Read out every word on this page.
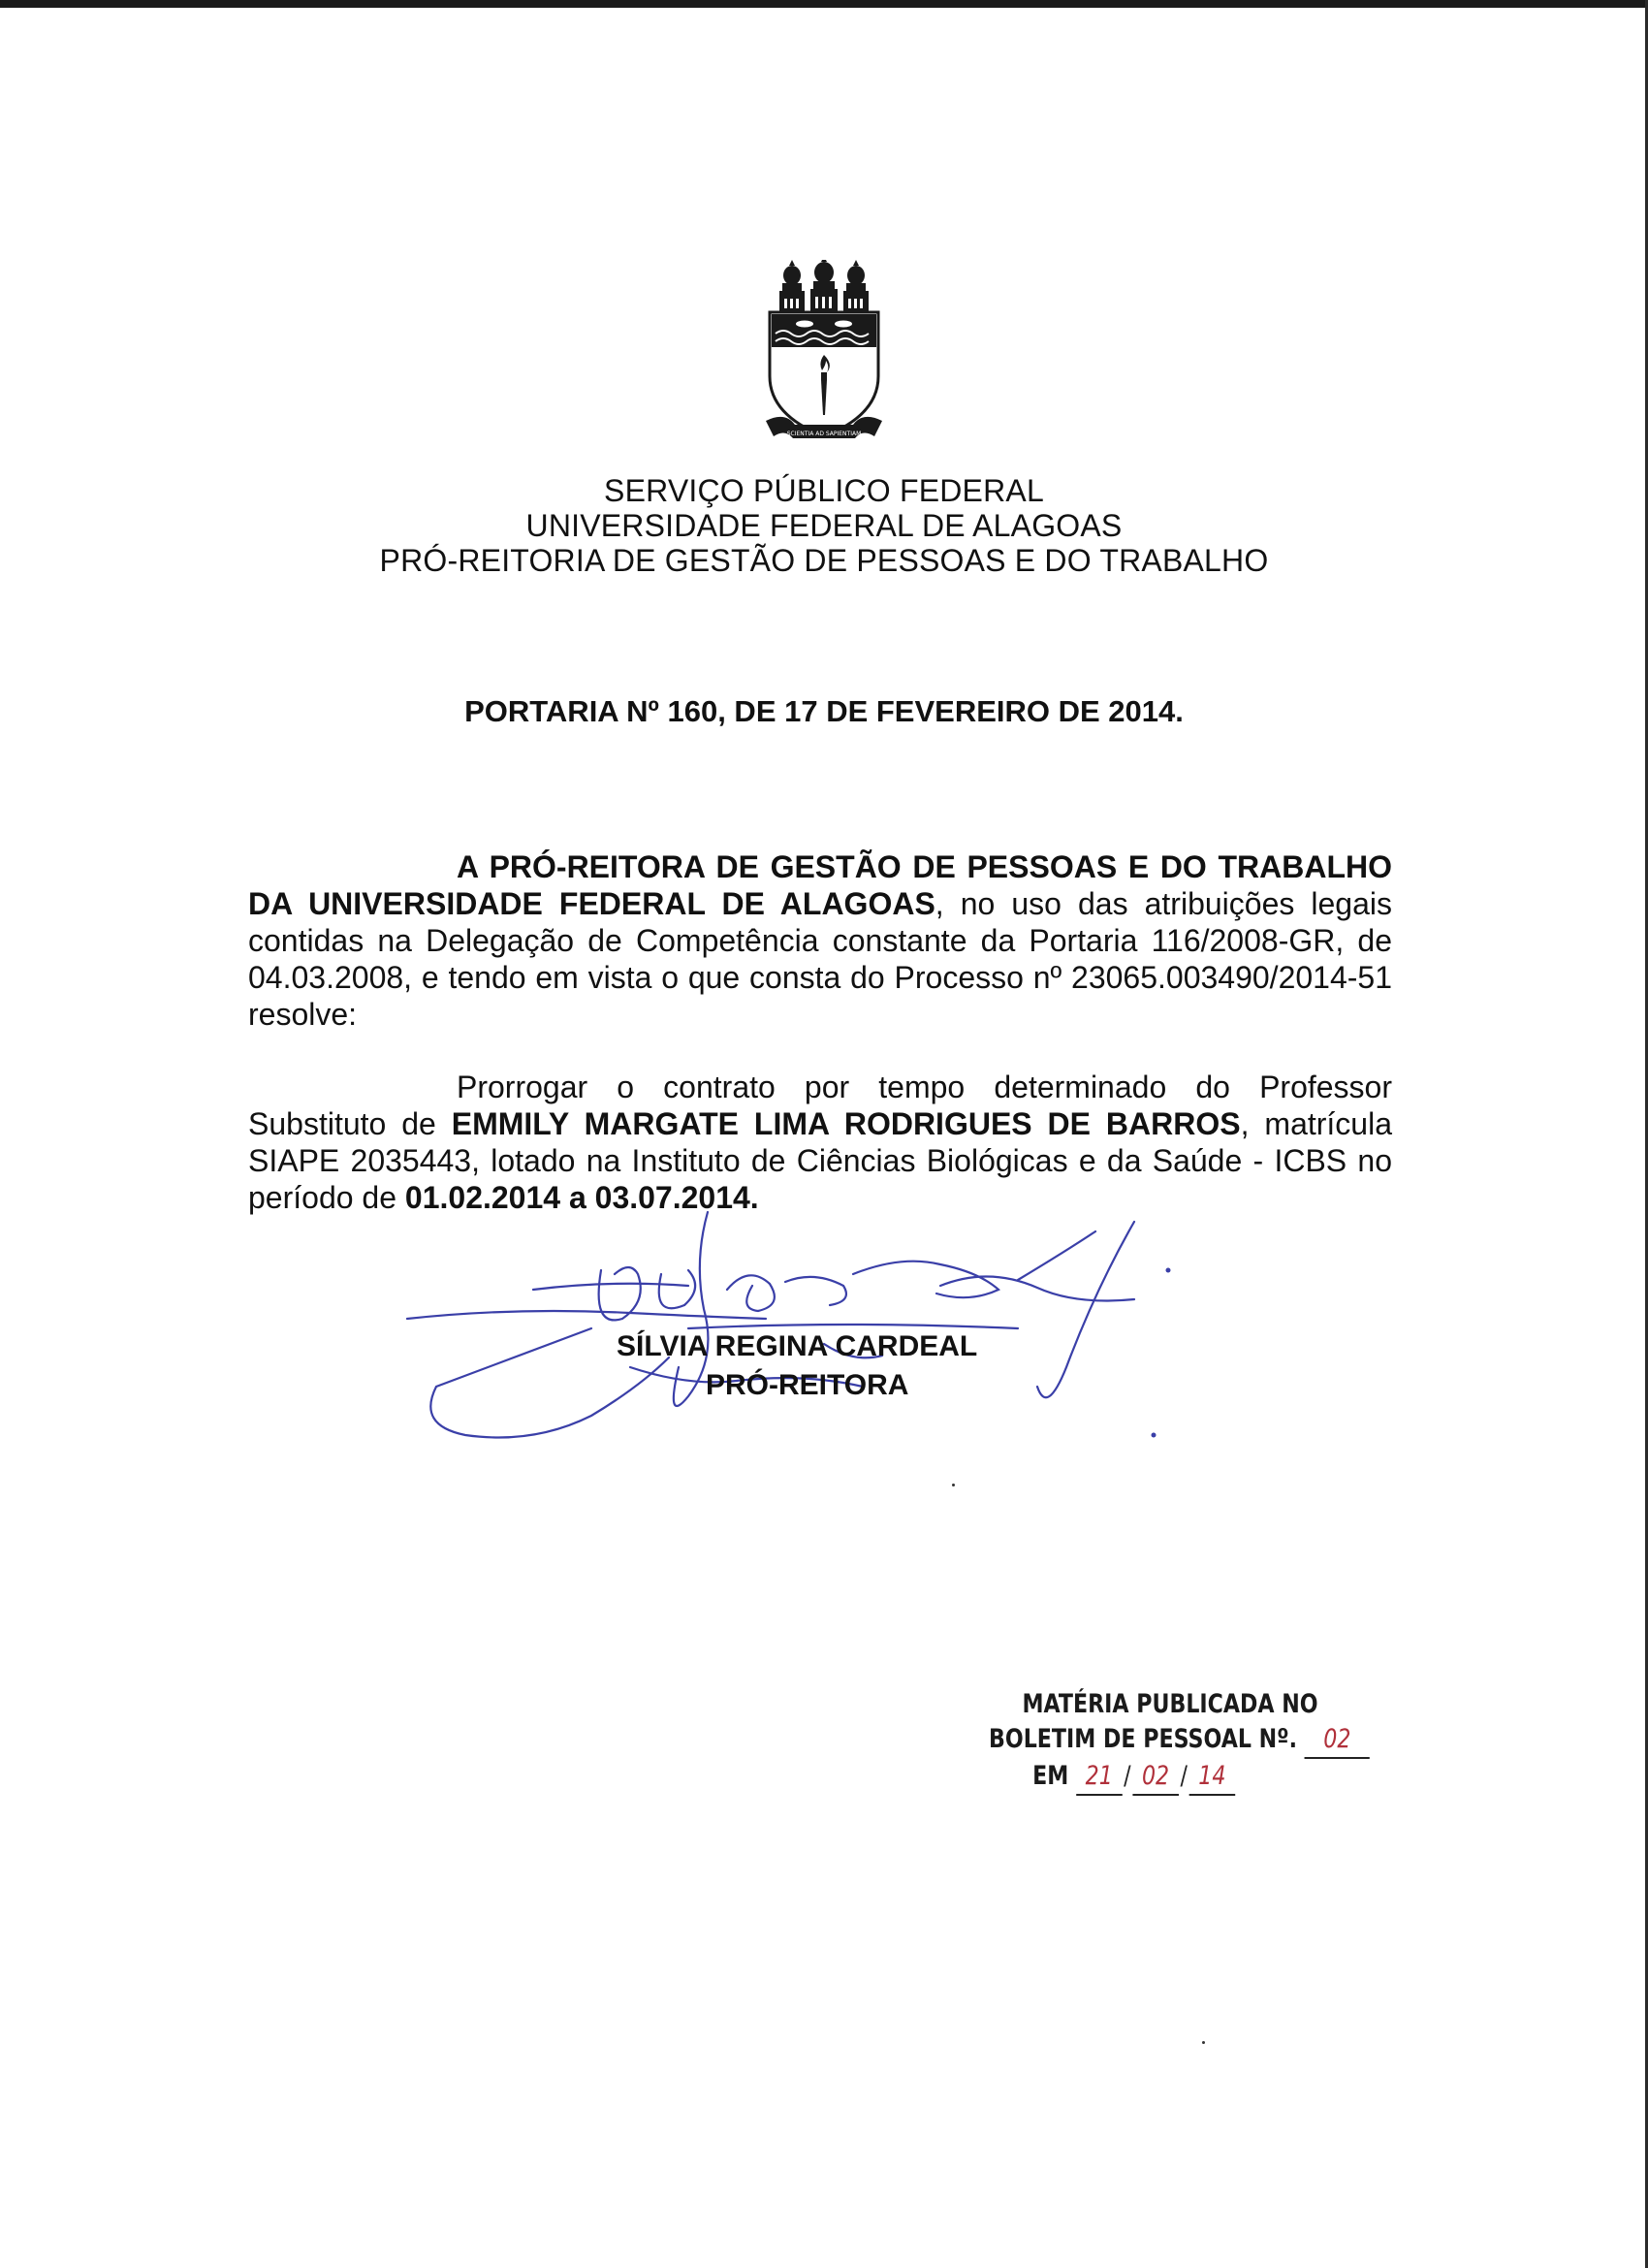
SCIENTIA AD SAPIENTIAM
SERVIÇO PÚBLICO FEDERAL
UNIVERSIDADE FEDERAL DE ALAGOAS
PRÓ-REITORIA DE GESTÃO DE PESSOAS E DO TRABALHO
PORTARIA Nº 160, DE 17 DE FEVEREIRO DE 2014.
A PRÓ-REITORA DE GESTÃO DE PESSOAS E DO TRABALHO DA UNIVERSIDADE FEDERAL DE ALAGOAS, no uso das atribuições legais contidas na Delegação de Competência constante da Portaria 116/2008-GR, de 04.03.2008, e tendo em vista o que consta do Processo nº 23065.003490/2014-51 resolve:
Prorrogar o contrato por tempo determinado do Professor Substituto de EMMILY MARGATE LIMA RODRIGUES DE BARROS, matrícula SIAPE 2035443, lotado na Instituto de Ciências Biológicas e da Saúde - ICBS no período de 01.02.2014 a 03.07.2014.
SÍLVIA REGINA CARDEAL
PRÓ-REITORA
MATÉRIA PUBLICADA NO
BOLETIM DE PESSOAL Nº. 02
EM 21 / 02 / 14
